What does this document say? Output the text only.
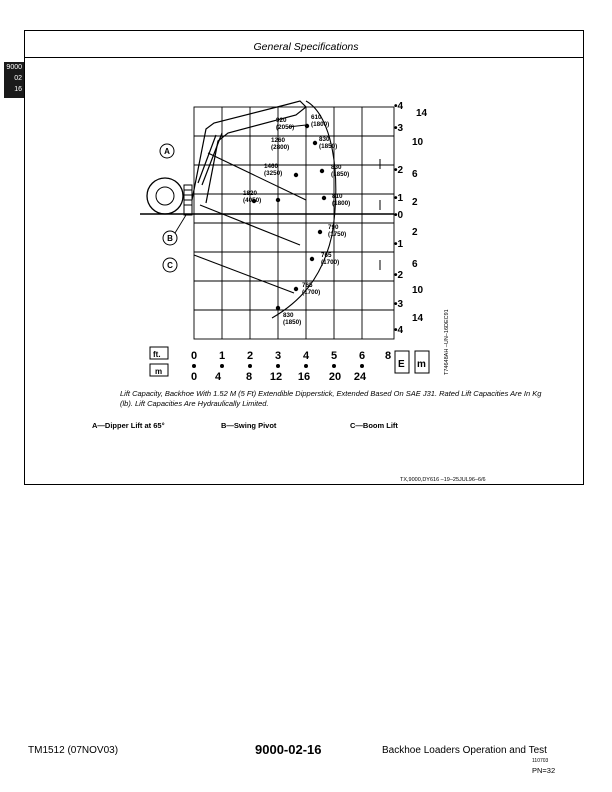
General Specifications
9000
02
16
A
B
C
610
(1800)
920
(2050)
1260
(2800)
830
(1850)
1460
(3250)
830
(1850)
1820
(4050)
810
(1800)
790
(1750)
765
(1700)
765
(1700)
830
(1850)
•4
•3
•2
•1
•0
•1
•2
•3
•4
14
10
6
2
2
6
10
14
ft.
m
0 1 2 3 4 5 6 8
0 4 8 12 16 20 24
E m	T74648AH –UN–16DEC91
Lift Capacity, Backhoe With 1.52 M (5 Ft) Extendible Dipperstick, Extended Based On SAE J31. Rated Lift Capacities Are In Kg (lb). Lift Capacities Are Hydraulically Limited.
A—Dipper Lift at 65°	B—Swing Pivot	C—Boom Lift
TX,9000,DY616 –19–25JUL96–6/6
TM1512 (07NOV03)	9000-02-16	Backhoe Loaders Operation and Test
110703
PN=32
